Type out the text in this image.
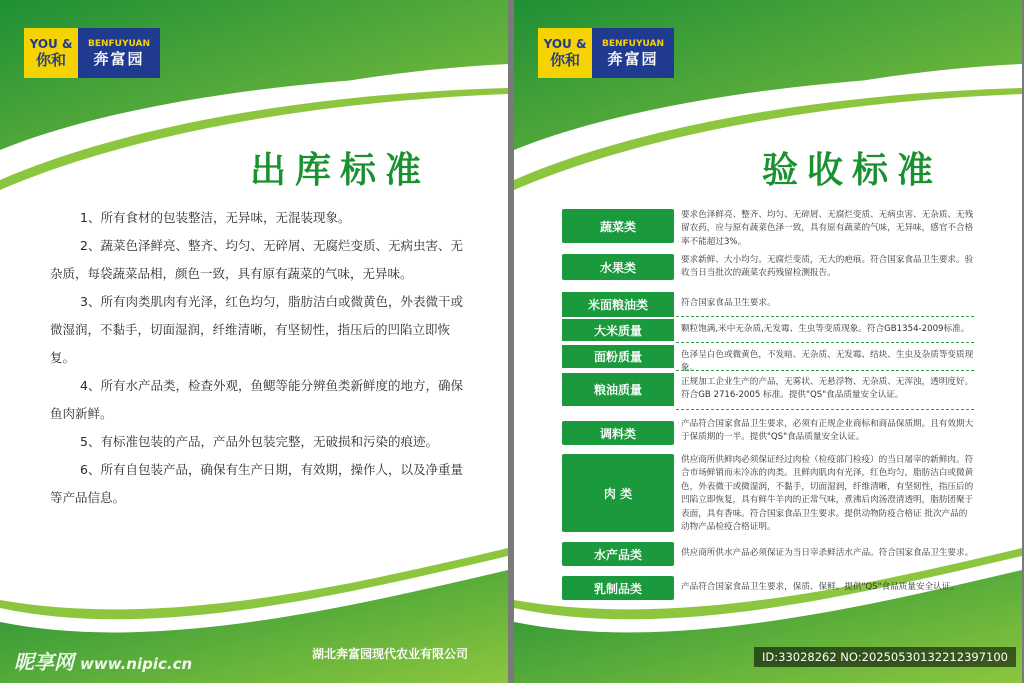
YOU &
你和
BENFUYUAN
奔富园
出库标准
1、所有食材的包装整洁，无异味，无混装现象。
2、蔬菜色泽鲜亮、整齐、均匀、无碎屑、无腐烂变质、无病虫害、无杂质，每袋蔬菜品相，颜色一致，具有原有蔬菜的气味，无异味。
3、所有肉类肌肉有光泽，红色均匀，脂肪洁白或微黄色，外表微干或微湿润，不黏手，切面湿润，纤维清晰，有坚韧性，指压后的凹陷立即恢复。
4、所有水产品类，检查外观，鱼鳃等能分辨鱼类新鲜度的地方，确保鱼肉新鲜。
5、有标准包装的产品，产品外包装完整，无破损和污染的痕迹。
6、所有自包装产品，确保有生产日期，有效期，操作人，以及净重量等产品信息。
昵享网 www.nipic.cn
湖北奔富园现代农业有限公司
YOU &
你和
BENFUYUAN
奔富园
验收标准
蔬菜类
要求色泽鲜亮、整齐、均匀、无碎屑、无腐烂变质、无病虫害、无杂质、无残留农药，应与原有蔬菜色泽一致，具有原有蔬菜的气味，无异味，感官不合格率不能超过3%。
水果类
要求新鲜、大小均匀。无腐烂变质，无大的疤痕。符合国家食品卫生要求。验收当日当批次的蔬菜农药残留检测报告。
米面粮油类	符合国家食品卫生要求。
大米质量	颗粒饱满,米中无杂质,无发霉、生虫等变质现象。符合GB1354-2009标准。
面粉质量	色泽呈白色或微黄色，不发暗、无杂质、无发霉、结块、生虫及杂质等变质现象。
粮油质量
正规加工企业生产的产品，无雾状、无悬浮物、无杂质、无浑浊，透明度好。符合GB 2716-2005 标准。提供"QS"食品质量安全认证。
调料类
产品符合国家食品卫生要求，必须有正规企业商标和商品保质期。且有效期大于保质期的一半。提供"QS"食品质量安全认证。
肉 类
供应商所供鲜肉必须保证经过肉检（检疫部门检疫）的当日屠宰的新鲜肉。符合市场鲜销而未冷冻的肉类。且鲜肉肌肉有光泽，红色均匀，脂肪洁白或微黄色，外表微干或微湿润，不黏手，切面湿润，纤维清晰，有坚韧性，指压后的凹陷立即恢复，具有鲜牛羊肉的正常气味，煮沸后肉汤澄清透明，脂肪团聚于表面，具有香味。符合国家食品卫生要求。提供动物防疫合格证 批次产品的动物产品检疫合格证明。
水产品类	供应商所供水产品必须保证为当日宰杀鲜活水产品。符合国家食品卫生要求。
乳制品类	产品符合国家食品卫生要求，保质、保鲜。提供"QS"食品质量安全认证。
ID:33028262 NO:20250530132212397100
